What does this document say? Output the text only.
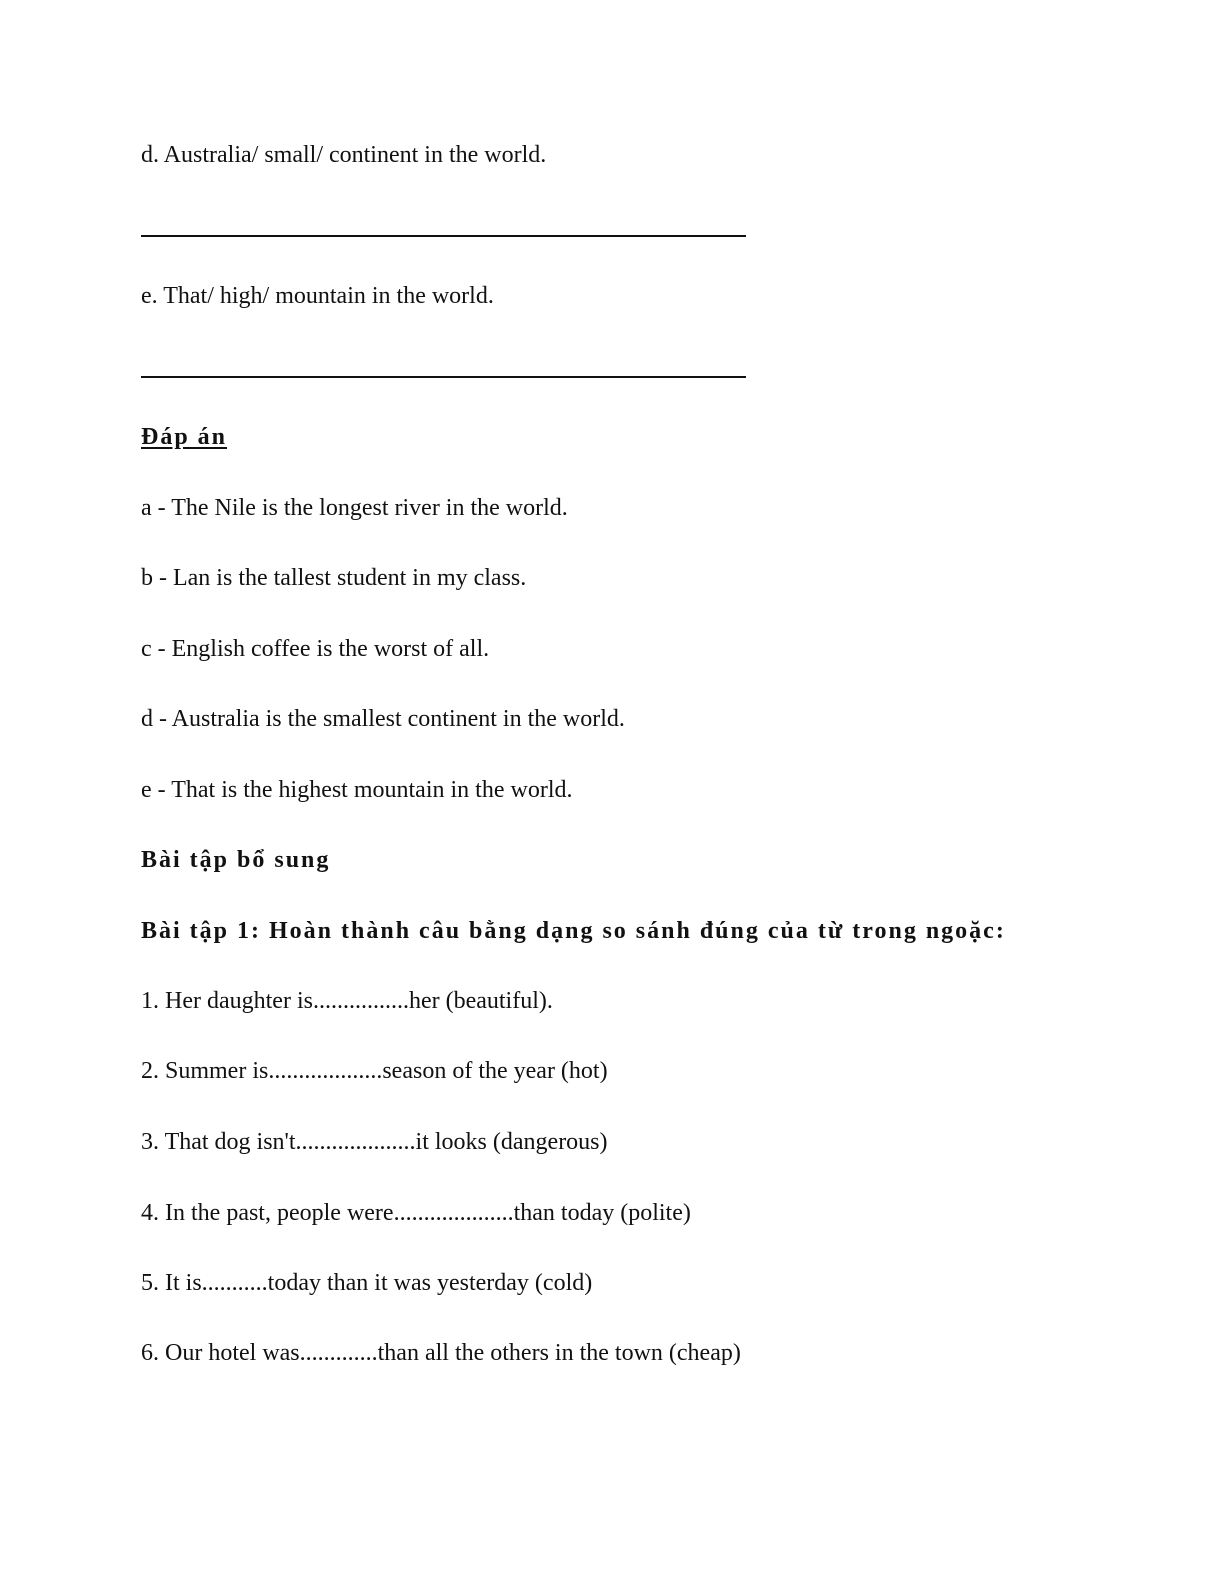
d. Australia/ small/ continent in the world.
e. That/ high/ mountain in the world.
Đáp án
a - The Nile is the longest river in the world.
b - Lan is the tallest student in my class.
c - English coffee is the worst of all.
d - Australia is the smallest continent in the world.
e - That is the highest mountain in the world.
Bài tập bổ sung
Bài tập 1: Hoàn thành câu bằng dạng so sánh đúng của từ trong ngoặc:
1. Her daughter is................her (beautiful).
2. Summer is...................season of the year (hot)
3. That dog isn't....................it looks (dangerous)
4. In the past, people were....................than today (polite)
5. It is...........today than it was yesterday (cold)
6. Our hotel was.............than all the others in the town (cheap)
